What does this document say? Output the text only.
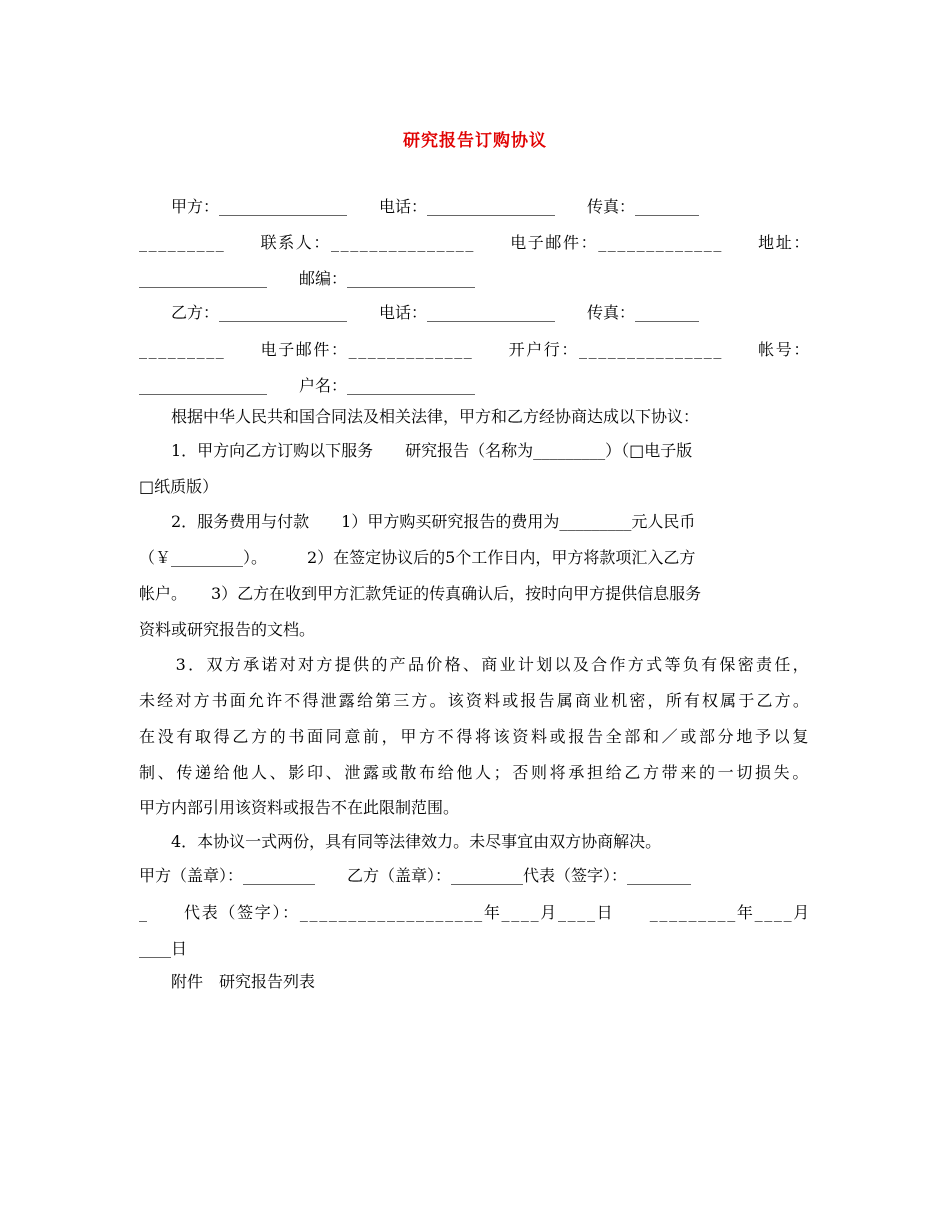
研究报告订购协议
　　甲方：________________　　电话：________________　　传真：________
_________　　联系人：_______________　　电子邮件：_____________　　地址：
________________　　邮编：________________
　　乙方：________________　　电话：________________　　传真：________
_________　　电子邮件：_____________　　开户行：_______________　　帐号：
________________　　户名：________________
　　根据中华人民共和国合同法及相关法律，甲方和乙方经协商达成以下协议：
　　1．甲方向乙方订购以下服务　　研究报告（名称为_________）（□电子版
□纸质版）
　　2．服务费用与付款　　1）甲方购买研究报告的费用为_________元人民币
（￥_________）。　　　2）在签定协议后的5个工作日内，甲方将款项汇入乙方
帐户。　　3）乙方在收到甲方汇款凭证的传真确认后，按时向甲方提供信息服务
资料或研究报告的文档。
　　3．双方承诺对对方提供的产品价格、商业计划以及合作方式等负有保密责任，
未经对方书面允许不得泄露给第三方。该资料或报告属商业机密，所有权属于乙方。
在没有取得乙方的书面同意前，甲方不得将该资料或报告全部和／或部分地予以复
制、传递给他人、影印、泄露或散布给他人；否则将承担给乙方带来的一切损失。
甲方内部引用该资料或报告不在此限制范围。
　　4．本协议一式两份，具有同等法律效力。未尽事宜由双方协商解决。
甲方（盖章）：_________　　乙方（盖章）：_________代表（签字）：________
_　　代表（签字）：___________________年____月____日　　_________年____月
____日
　　附件　研究报告列表
